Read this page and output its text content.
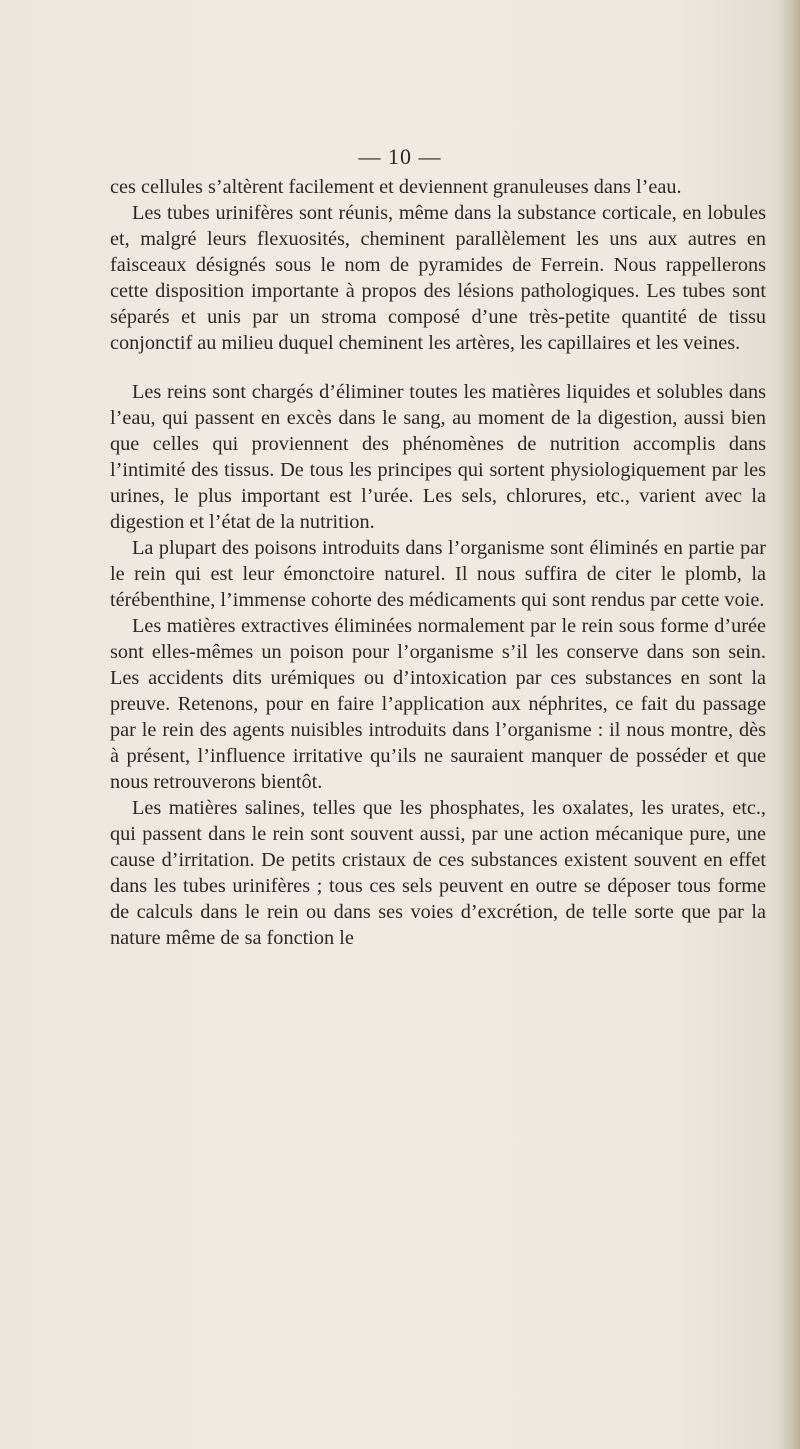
— 10 —

ces cellules s’altèrent facilement et deviennent granuleuses dans l’eau.

Les tubes urinifères sont réunis, même dans la substance corticale, en lobules et, malgré leurs flexuosités, cheminent parallèlement les uns aux autres en faisceaux désignés sous le nom de pyramides de Ferrein. Nous rappellerons cette disposition importante à propos des lésions pathologiques. Les tubes sont séparés et unis par un stroma composé d’une très-petite quantité de tissu conjonctif au milieu duquel cheminent les artères, les capillaires et les veines.

Les reins sont chargés d’éliminer toutes les matières liquides et solubles dans l’eau, qui passent en excès dans le sang, au moment de la digestion, aussi bien que celles qui proviennent des phénomènes de nutrition accomplis dans l’intimité des tissus. De tous les principes qui sortent physiologiquement par les urines, le plus important est l’urée. Les sels, chlorures, etc., varient avec la digestion et l’état de la nutrition.

La plupart des poisons introduits dans l’organisme sont éliminés en partie par le rein qui est leur émonctoire naturel. Il nous suffira de citer le plomb, la térébenthine, l’immense cohorte des médicaments qui sont rendus par cette voie.

Les matières extractives éliminées normalement par le rein sous forme d’urée sont elles-mêmes un poison pour l’organisme s’il les conserve dans son sein. Les accidents dits urémiques ou d’intoxication par ces substances en sont la preuve. Retenons, pour en faire l’application aux néphrites, ce fait du passage par le rein des agents nuisibles introduits dans l’organisme : il nous montre, dès à présent, l’influence irritative qu’ils ne sauraient manquer de posséder et que nous retrouverons bientôt.

Les matières salines, telles que les phosphates, les oxalates, les urates, etc., qui passent dans le rein sont souvent aussi, par une action mécanique pure, une cause d’irritation. De petits cristaux de ces substances existent souvent en effet dans les tubes urinifères ; tous ces sels peuvent en outre se déposer tous forme de calculs dans le rein ou dans ses voies d’excrétion, de telle sorte que par la nature même de sa fonction le
